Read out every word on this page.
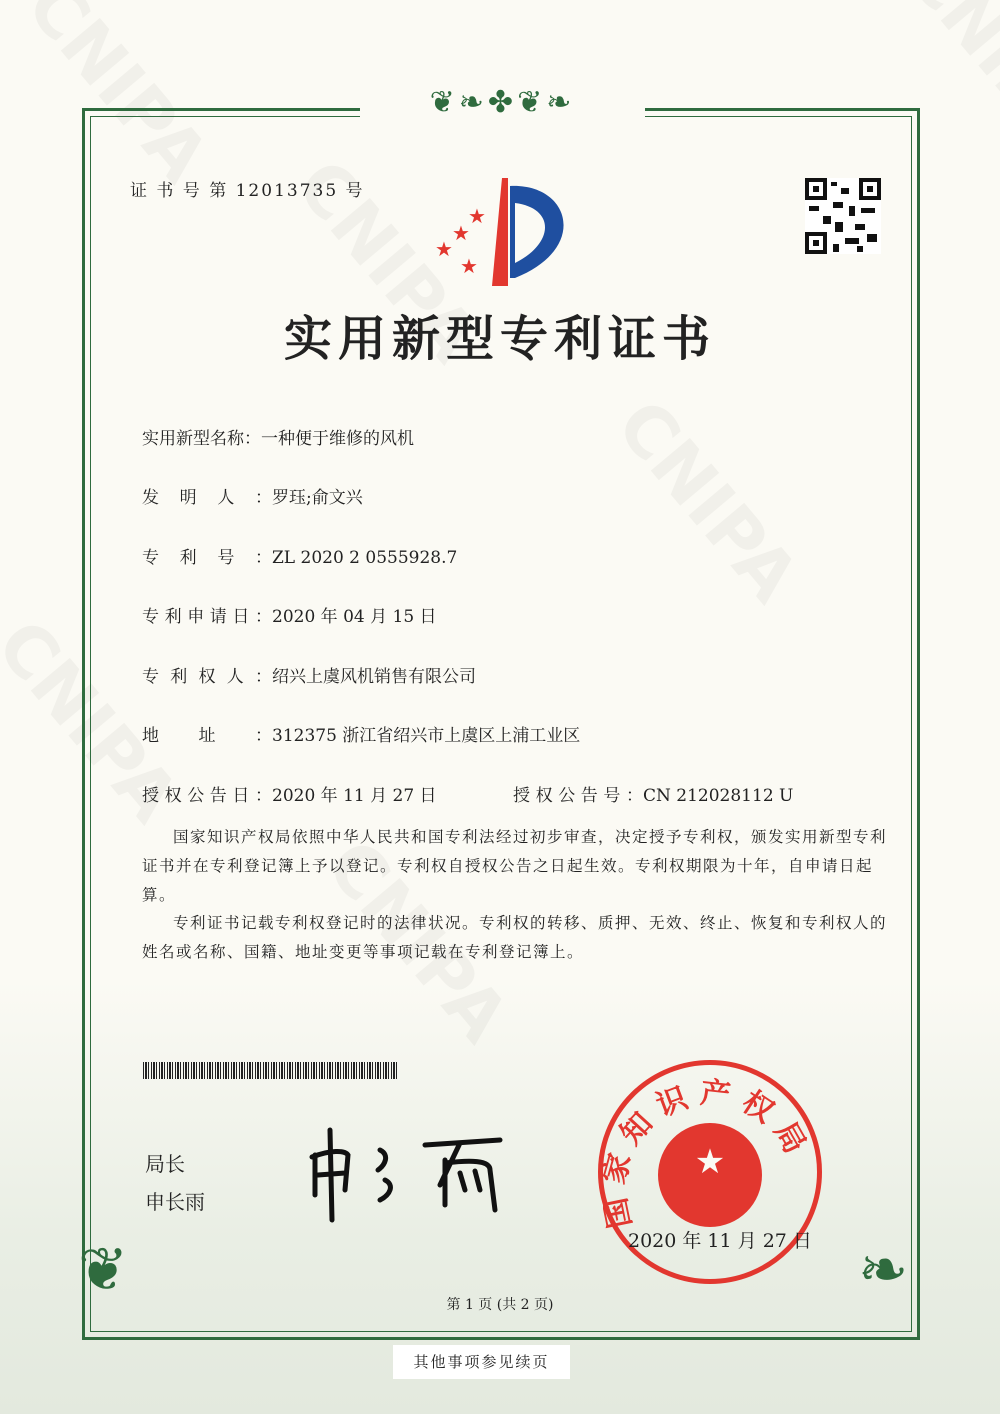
❦❧✤❦❧
❦	❧
证 书 号 第 12013735 号
★
★
★
★
实用新型专利证书
实用新型名称：一种便于维修的风机
发明人：罗珏;俞文兴
专利号：ZL 2020 2 0555928.7
专利申请日：2020 年 04 月 15 日
专利权人：绍兴上虞风机销售有限公司
地址：312375 浙江省绍兴市上虞区上浦工业区
授权公告日：2020 年 11 月 27 日	授权公告号：CN 212028112 U
国家知识产权局依照中华人民共和国专利法经过初步审查，决定授予专利权，颁发实用新型专利证书并在专利登记簿上予以登记。专利权自授权公告之日起生效。专利权期限为十年，自申请日起算。
专利证书记载专利权登记时的法律状况。专利权的转移、质押、无效、终止、恢复和专利权人的姓名或名称、国籍、地址变更等事项记载在专利登记簿上。
局长
申长雨
知识产权局
★
2020 年 11 月 27 日
第 1 页 (共 2 页)
其他事项参见续页
